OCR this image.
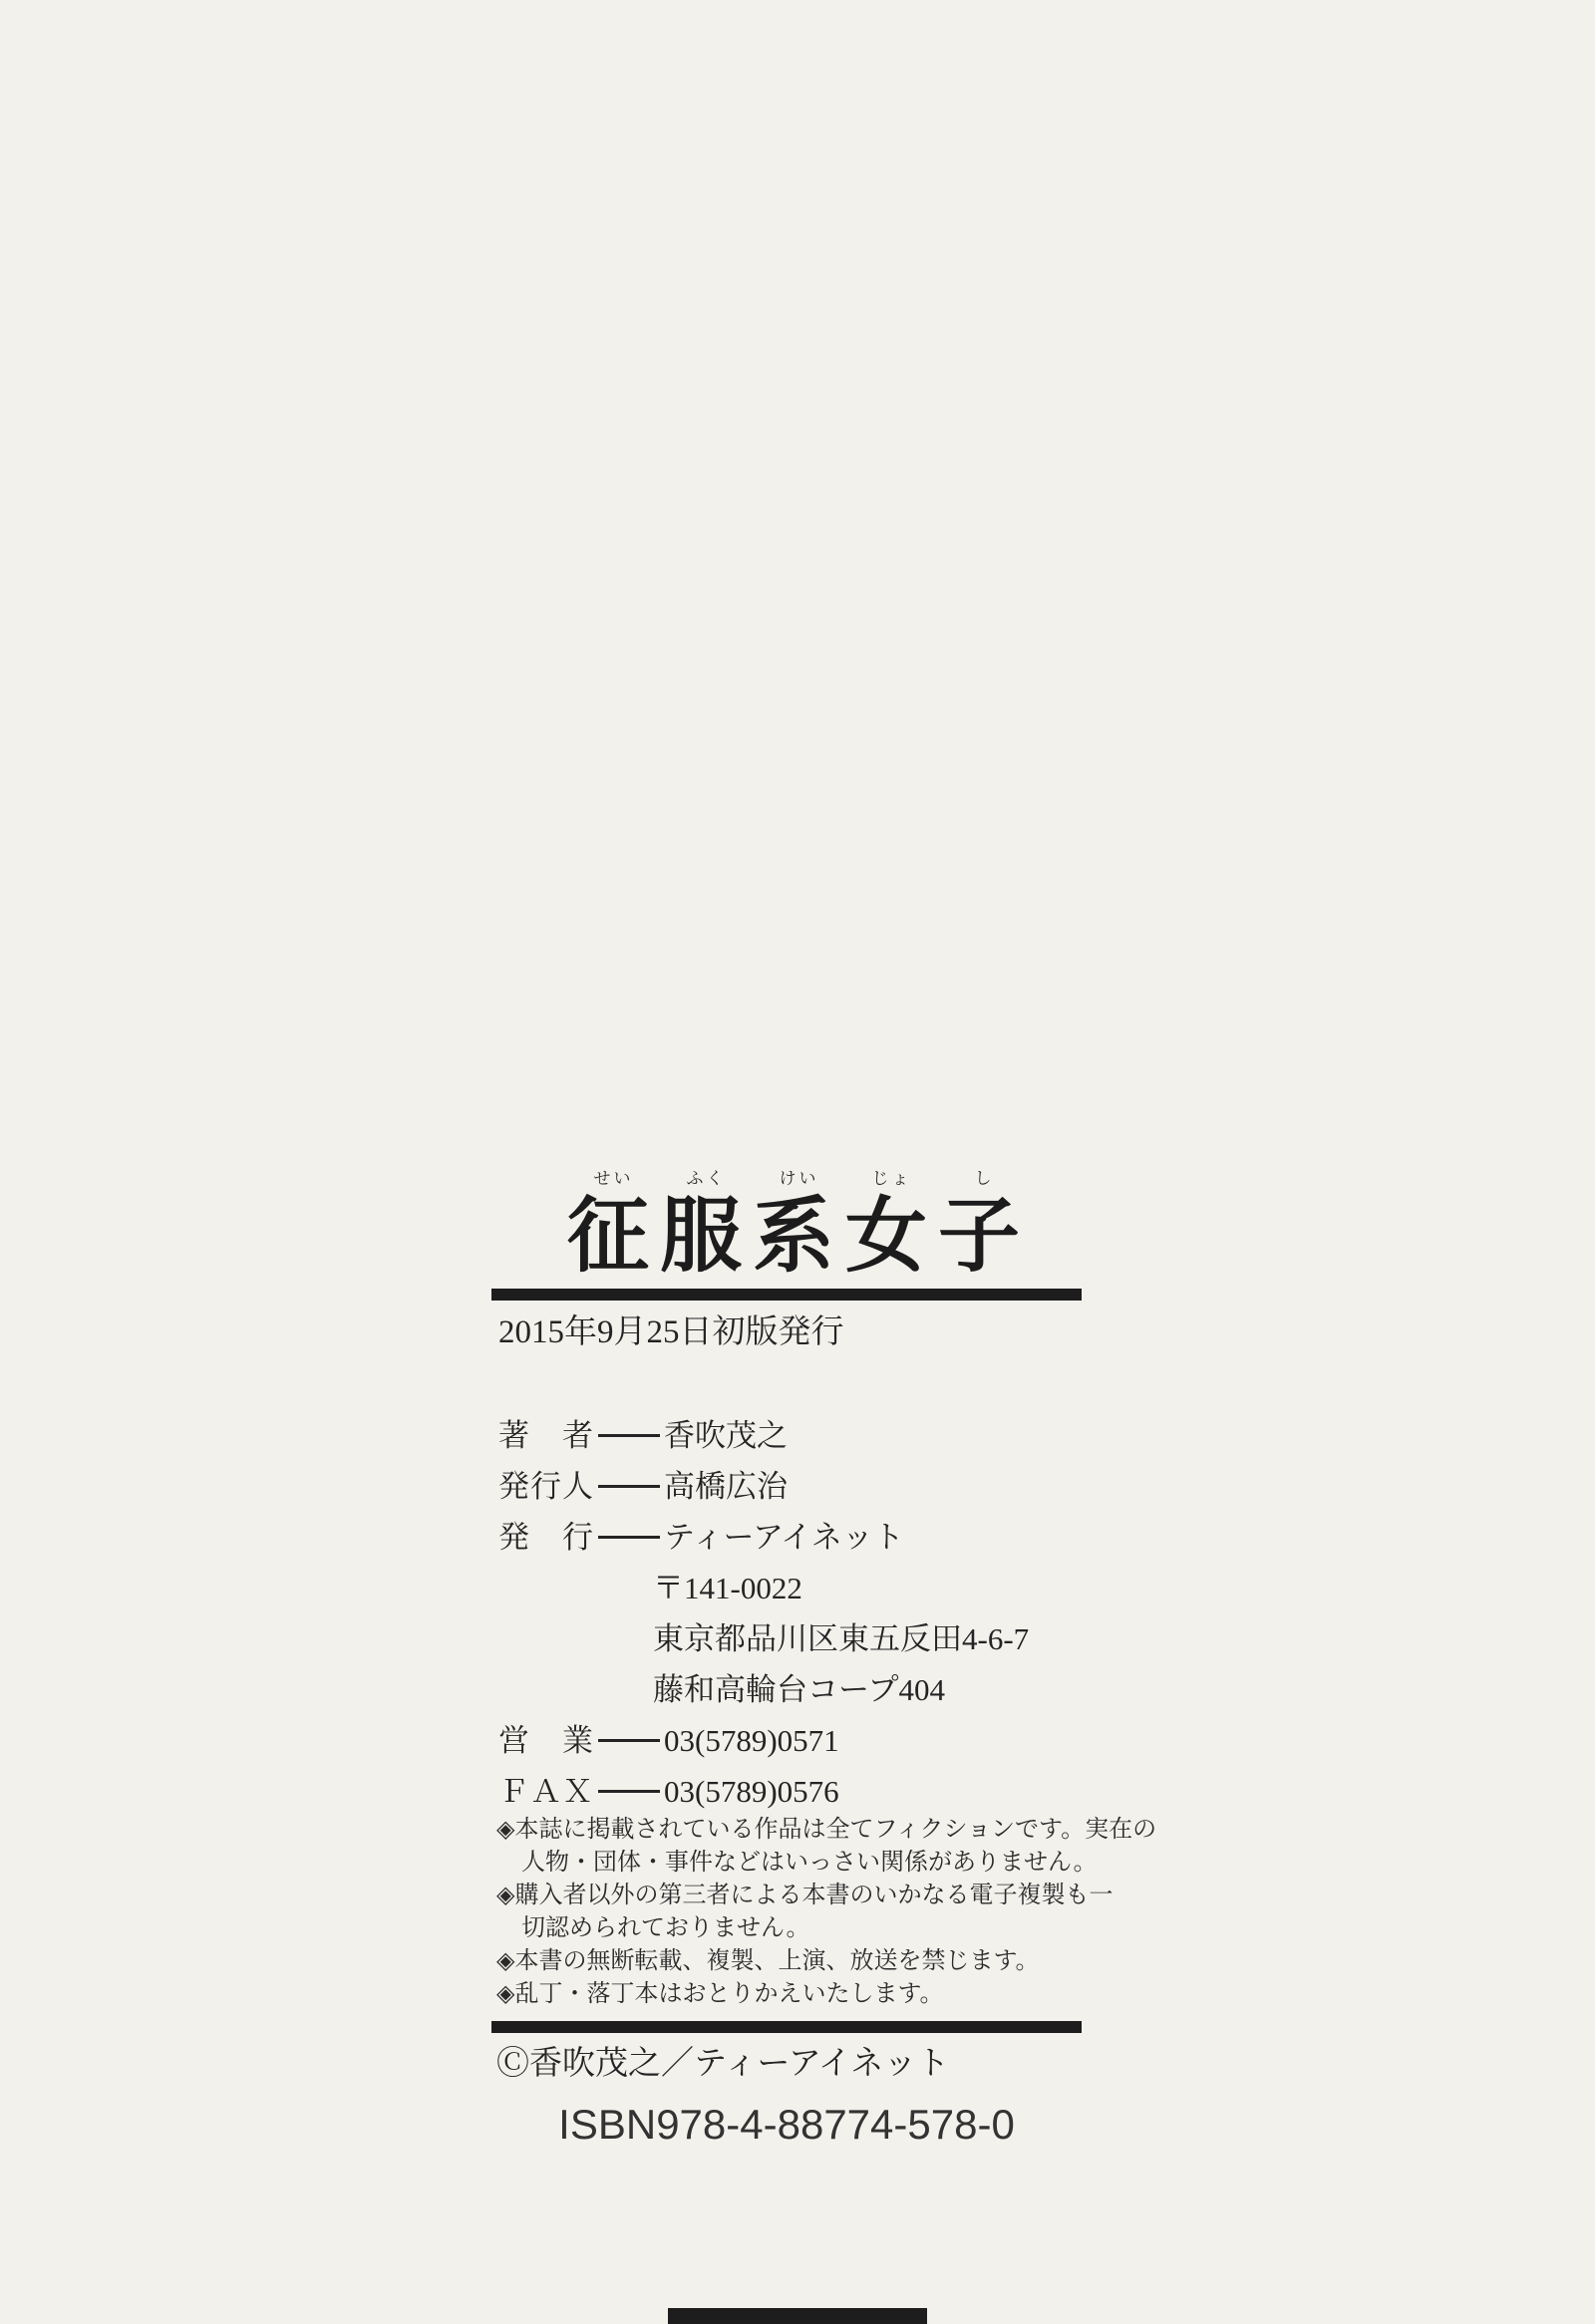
せい	ふく	けい	じょ	し
征服系女子
2015年9月25日初版発行
著　者 香吹茂之
発行人 高橋広治
発　行 ティーアイネット
〒141-0022
東京都品川区東五反田4-6-7
藤和高輪台コープ404
営　業 03(5789)0571
ＦＡＸ 03(5789)0576
◈本誌に掲載されている作品は全てフィクションです。実在の
人物・団体・事件などはいっさい関係がありません。
◈購入者以外の第三者による本書のいかなる電子複製も一
切認められておりません。
◈本書の無断転載、複製、上演、放送を禁じます。
◈乱丁・落丁本はおとりかえいたします。
Ⓒ香吹茂之／ティーアイネット
ISBN978-4-88774-578-0
